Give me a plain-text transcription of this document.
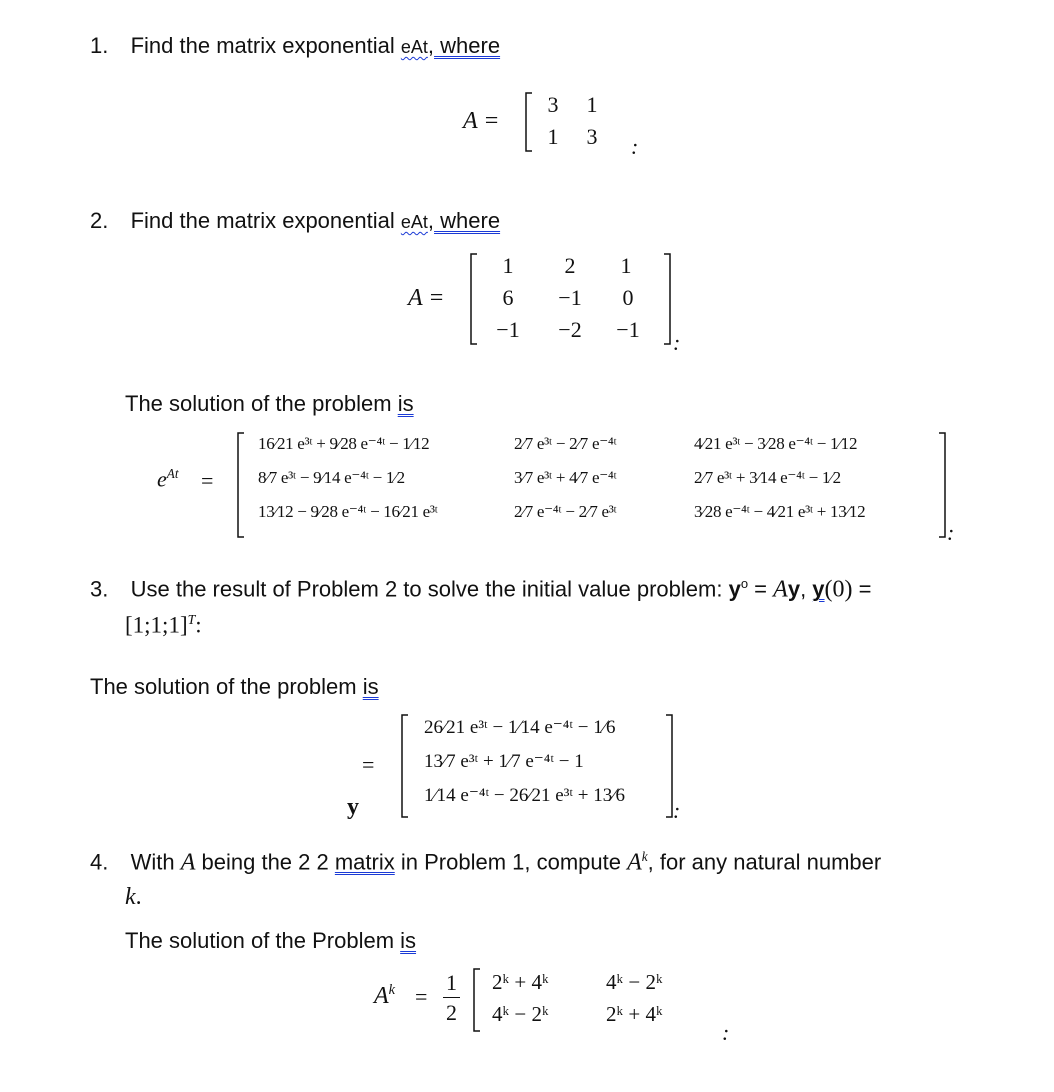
1. Find the matrix exponential eAt, where
A =
3 1
1 3 :
2. Find the matrix exponential eAt, where
A =
1	2	1
6	−1	0
−1	−2	−1
:
The solution of the problem is
$e^{At}$ =
16⁄21 e³ᵗ + 9⁄28 e⁻⁴ᵗ − 1⁄12	2⁄7 e³ᵗ − 2⁄7 e⁻⁴ᵗ	4⁄21 e³ᵗ − 3⁄28 e⁻⁴ᵗ − 1⁄12
8⁄7 e³ᵗ − 9⁄14 e⁻⁴ᵗ − 1⁄2	3⁄7 e³ᵗ + 4⁄7 e⁻⁴ᵗ	2⁄7 e³ᵗ + 3⁄14 e⁻⁴ᵗ − 1⁄2
13⁄12 − 9⁄28 e⁻⁴ᵗ − 16⁄21 e³ᵗ	2⁄7 e⁻⁴ᵗ − 2⁄7 e³ᵗ	3⁄28 e⁻⁴ᵗ − 4⁄21 e³ᵗ + 13⁄12
:
3. Use the result of Problem 2 to solve the initial value problem: $y^o = Ay$, y(0) =
[1;1;1]$^T$:
The solution of the problem is
y
=
26⁄21 e³ᵗ − 1⁄14 e⁻⁴ᵗ − 1⁄6
13⁄7 e³ᵗ + 1⁄7 e⁻⁴ᵗ − 1
1⁄14 e⁻⁴ᵗ − 26⁄21 e³ᵗ + 13⁄6
:
4. With A being the 2 2 matrix in Problem 1, compute $A^k$, for any natural number
k.
The solution of the Problem is
$A^k$ =
1
2
2ᵏ + 4ᵏ	4ᵏ − 2ᵏ
4ᵏ − 2ᵏ	2ᵏ + 4ᵏ
:
